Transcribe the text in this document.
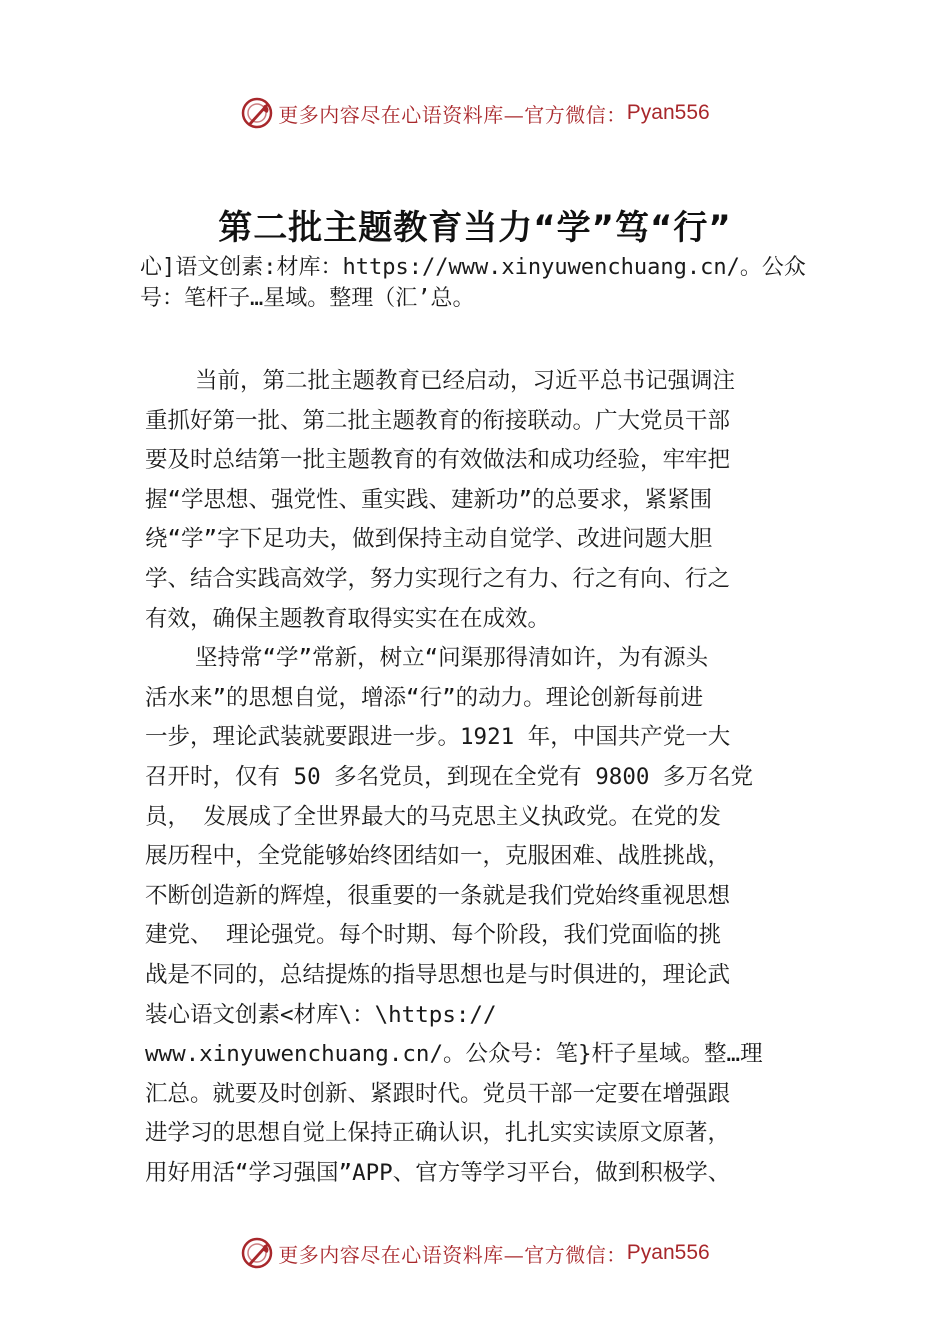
更多内容尽在心语资料库—官方微信： Pyan556
第二批主题教育当力“学”笃“行”
心]语文创素:材库：https://www.xinyuwenchuang.cn/。公众
号：笔杆子…星域。整理（汇’总。
当前，第二批主题教育已经启动，习近平总书记强调注
重抓好第一批、第二批主题教育的衔接联动。广大党员干部
要及时总结第一批主题教育的有效做法和成功经验，牢牢把
握“学思想、强党性、重实践、建新功”的总要求，紧紧围
绕“学”字下足功夫，做到保持主动自觉学、改进问题大胆
学、结合实践高效学，努力实现行之有力、行之有向、行之
有效，确保主题教育取得实实在在成效。
坚持常“学”常新，树立“问渠那得清如许，为有源头
活水来”的思想自觉，增添“行”的动力。理论创新每前进
一步，理论武装就要跟进一步。1921 年，中国共产党一大
召开时，仅有 50 多名党员，到现在全党有 9800 多万名党
员， 发展成了全世界最大的马克思主义执政党。在党的发
展历程中，全党能够始终团结如一，克服困难、战胜挑战，
不断创造新的辉煌，很重要的一条就是我们党始终重视思想
建党、 理论强党。每个时期、每个阶段，我们党面临的挑
战是不同的，总结提炼的指导思想也是与时俱进的，理论武
装心语文创素<材库\：\https://
www.xinyuwenchuang.cn/。公众号：笔}杆子星域。整…理
汇总。就要及时创新、紧跟时代。党员干部一定要在增强跟
进学习的思想自觉上保持正确认识，扎扎实实读原文原著，
用好用活“学习强国”APP、官方等学习平台，做到积极学、
更多内容尽在心语资料库—官方微信： Pyan556
